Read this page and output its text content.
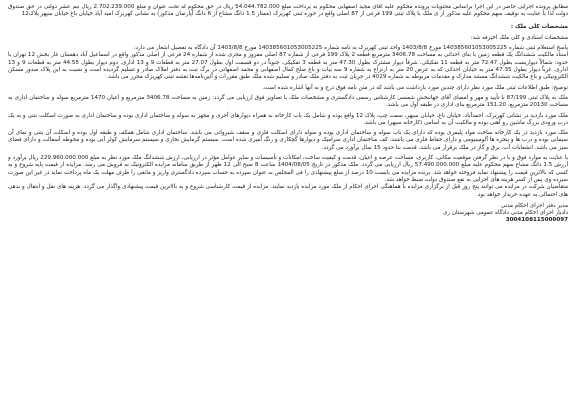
مطابق پرونده اجرایی حاضر در این اجرا براساس محتویات پرونده محکوم علیه آقای مجید اصفهانی محکوم به پرداخت مبلغ 54.044.782.000 ریال در حق محکوم له تحت عنوان و مبلغ 2.702.239.000 ریال نیم عشر دولتی در حق صندوق دولت لذا با عنایت به توقیف سهم محکوم علیه مذکور از ی ملک با پلاک ثبتی 199 فرعی از 87 اصلی واقع در حوزه ثبتی کهریزک (ممتاز 1.5 دانگ مشاع از 6 دانگ آپارتمان مذکور) به نشانی کهریزک امید آباد خیابان باغ خیابان سپهر پلاک12

مشخصات کلی ملک :

مشخصات اسنادی و کلی ملک اخیرفه شد:

پاسخ استعلام ثبتی شماره 140385601053005225 مورخ 1403/8/8 واحد ثبتی کهریزک به نامه شماره 140385601053005225 مورخ 1403/8/8 آن دادگاه به تفصیل اشعار می دارد:

اسناد مالکیت ششدانگ یک قطعه زمین با بنای احداثی به مساحت 3406.78 مترمربع قطعه 2 پلاک 199 فرعی از شماره 87 اصلی مفروز و مجزی شده از شماره 24 فرعی از اصلی مذکور واقع در اسماعیل آباد دهستان غار بخش 12 تهران با حدود: شمالاً دیواریست بطول 72.47 متر به قطعه 11 تفکیکی. شرقاً دیوار مشترک بطول 47.30 متر به قطعه 3 تفکیکی. جنوباً در دو قسمت اول بطول 27.07 متر به قطعات 9 و 13 اداری. دوم دیوار بطول 44.55 متر به قطعات 9 و 13 اداری. غرباً دیوار بطول 47.35 متر به خیابان احداثی که به عرض 20 متر به ارتزاع به شماره 9 سه بیات و باغ صلح کمال اصفهانی و محمد اصفهانی در برگ ثبت به دفتر املاک صادر و تسلیم گردیده است و نسبت به این پلاک صدور مسکن الکترونیکی و باغ مالکیت ششدانگ مستند مدارک و مقدمات مربوطه به شماره 4029 در جریان ثبت به دفتر ملک صادر و تسلیم شده ملک طبق مقررات و آئین‌نامه‌ها نقشه ثبتی کهریزک محرز می باشد.

توضیح: طبق اطلاعات ثبتی ملک مورد نظر دارای چندین مورد بازداشت می باشد که در متن نامه فوق درج و به آنها اشاره شده است.

ملک به پلاک ثبتی 87/199 با تأیید و مهر و امضای آقای جهانبخش شمسی کارشناس رسمی دادگستری و مشخصات ملک با تصاویر فوق ارزیابی می گردد: زمین به مساحت 3406.78 مترمربع و اعیان 1470 مترمربع سوله و ساختمان اداری به مساحت 20130 مترمربع، 151.20 مترمربع بنای اداری در طبقه اول می باشد.

ملک مورد بازدید در نشانی کهریزک، احمدآباد، خیابان باغ، خیابان سپهر، سمت چپ، پلاک 12 واقع بوده و شامل یک باب کارخانه به همراه دیوارهای آجری و مجهز به سوله و ساختمان اداری بوده و ساختمان اداری به صورت اسکلت بتنی و به یک درب ورودی بزرگ ماشین رو آهنی بوده و مالکیت آن به اسامی (کارخانه سپهر) می باشد.

ملک مورد بازدید در یک کارخانه ساخت مواد پلیمری بوده که دارای یک باب سوله و ساختمان اداری بوده و سوله دارای اسکلت فلزی و سقف شیروانی می باشد. ساختمان اداری شامل همکف و طبقه اول بوده و اسکلت آن بتنی و نمای آن سیمانی بوده و درب ها و پنجره ها آلومینیومی و دارای حفاظ فلزی می باشند. کف ساختمان اداری سرامیک و دیوارها گچکاری و رنگ آمیزی شده است. سیستم گرمایش بخاری و سیستم سرمایش کولر آبی بوده و محوطه آسفالت و دارای فضای سبز می باشد. انشعابات آب، برق و گاز در ملک برقرار می باشد. قدمت بنا حدود 15 سال برآورد می گردد.

با عنایت به موارد فوق و با در نظر گرفتن موقعیت مکانی، کاربری، مساحت عرصه و اعیان، قدمت و کیفیت ساخت، امکانات و تأسیسات و سایر عوامل مؤثر در ارزیابی، ارزش ششدانگ ملک مورد نظر به مبلغ 229.960.000.000 ریال برآورد و ارزش 1.5 دانگ مشاع سهم محکوم علیه مبلغ 57.490.000.000 ریال ارزیابی می گردد. ملک مذکور در تاریخ 1404/08/05 ساعت 8 صبح الی 12 ظهر از طریق سامانه مزایده الکترونیک به فروش می رسد. مزایده از قیمت پایه شروع و به کسی که بالاترین قیمت را پیشنهاد نماید فروخته خواهد شد. برنده مزایده می بایست 10 درصد از مبلغ پیشنهادی را فی المجلس به عنوان سپرده به حساب سپرده دادگستری واریز و مابقی را ظرف مهلت یک ماه پرداخت نماید در غیر این صورت سپرده وی پس از کسر هزینه های اجرایی به نفع صندوق دولت ضبط خواهد شد.

متقاضیان شرکت در مزایده می توانند پنج روز قبل از برگزاری مزایده با هماهنگی اجرای احکام از ملک مورد مزایده بازدید نمایند. مزایده از قیمت کارشناسی شروع و به بالاترین قیمت پیشنهادی واگذار می گردد. هزینه های نقل و انتقال و بدهی های احتمالی به عهده خریدار خواهد بود.

مدیر دفتر اجرای احکام مدنی

دادیار اجرای احکام مدنی دادگاه عمومی شهرستان ری

3004108115000097
